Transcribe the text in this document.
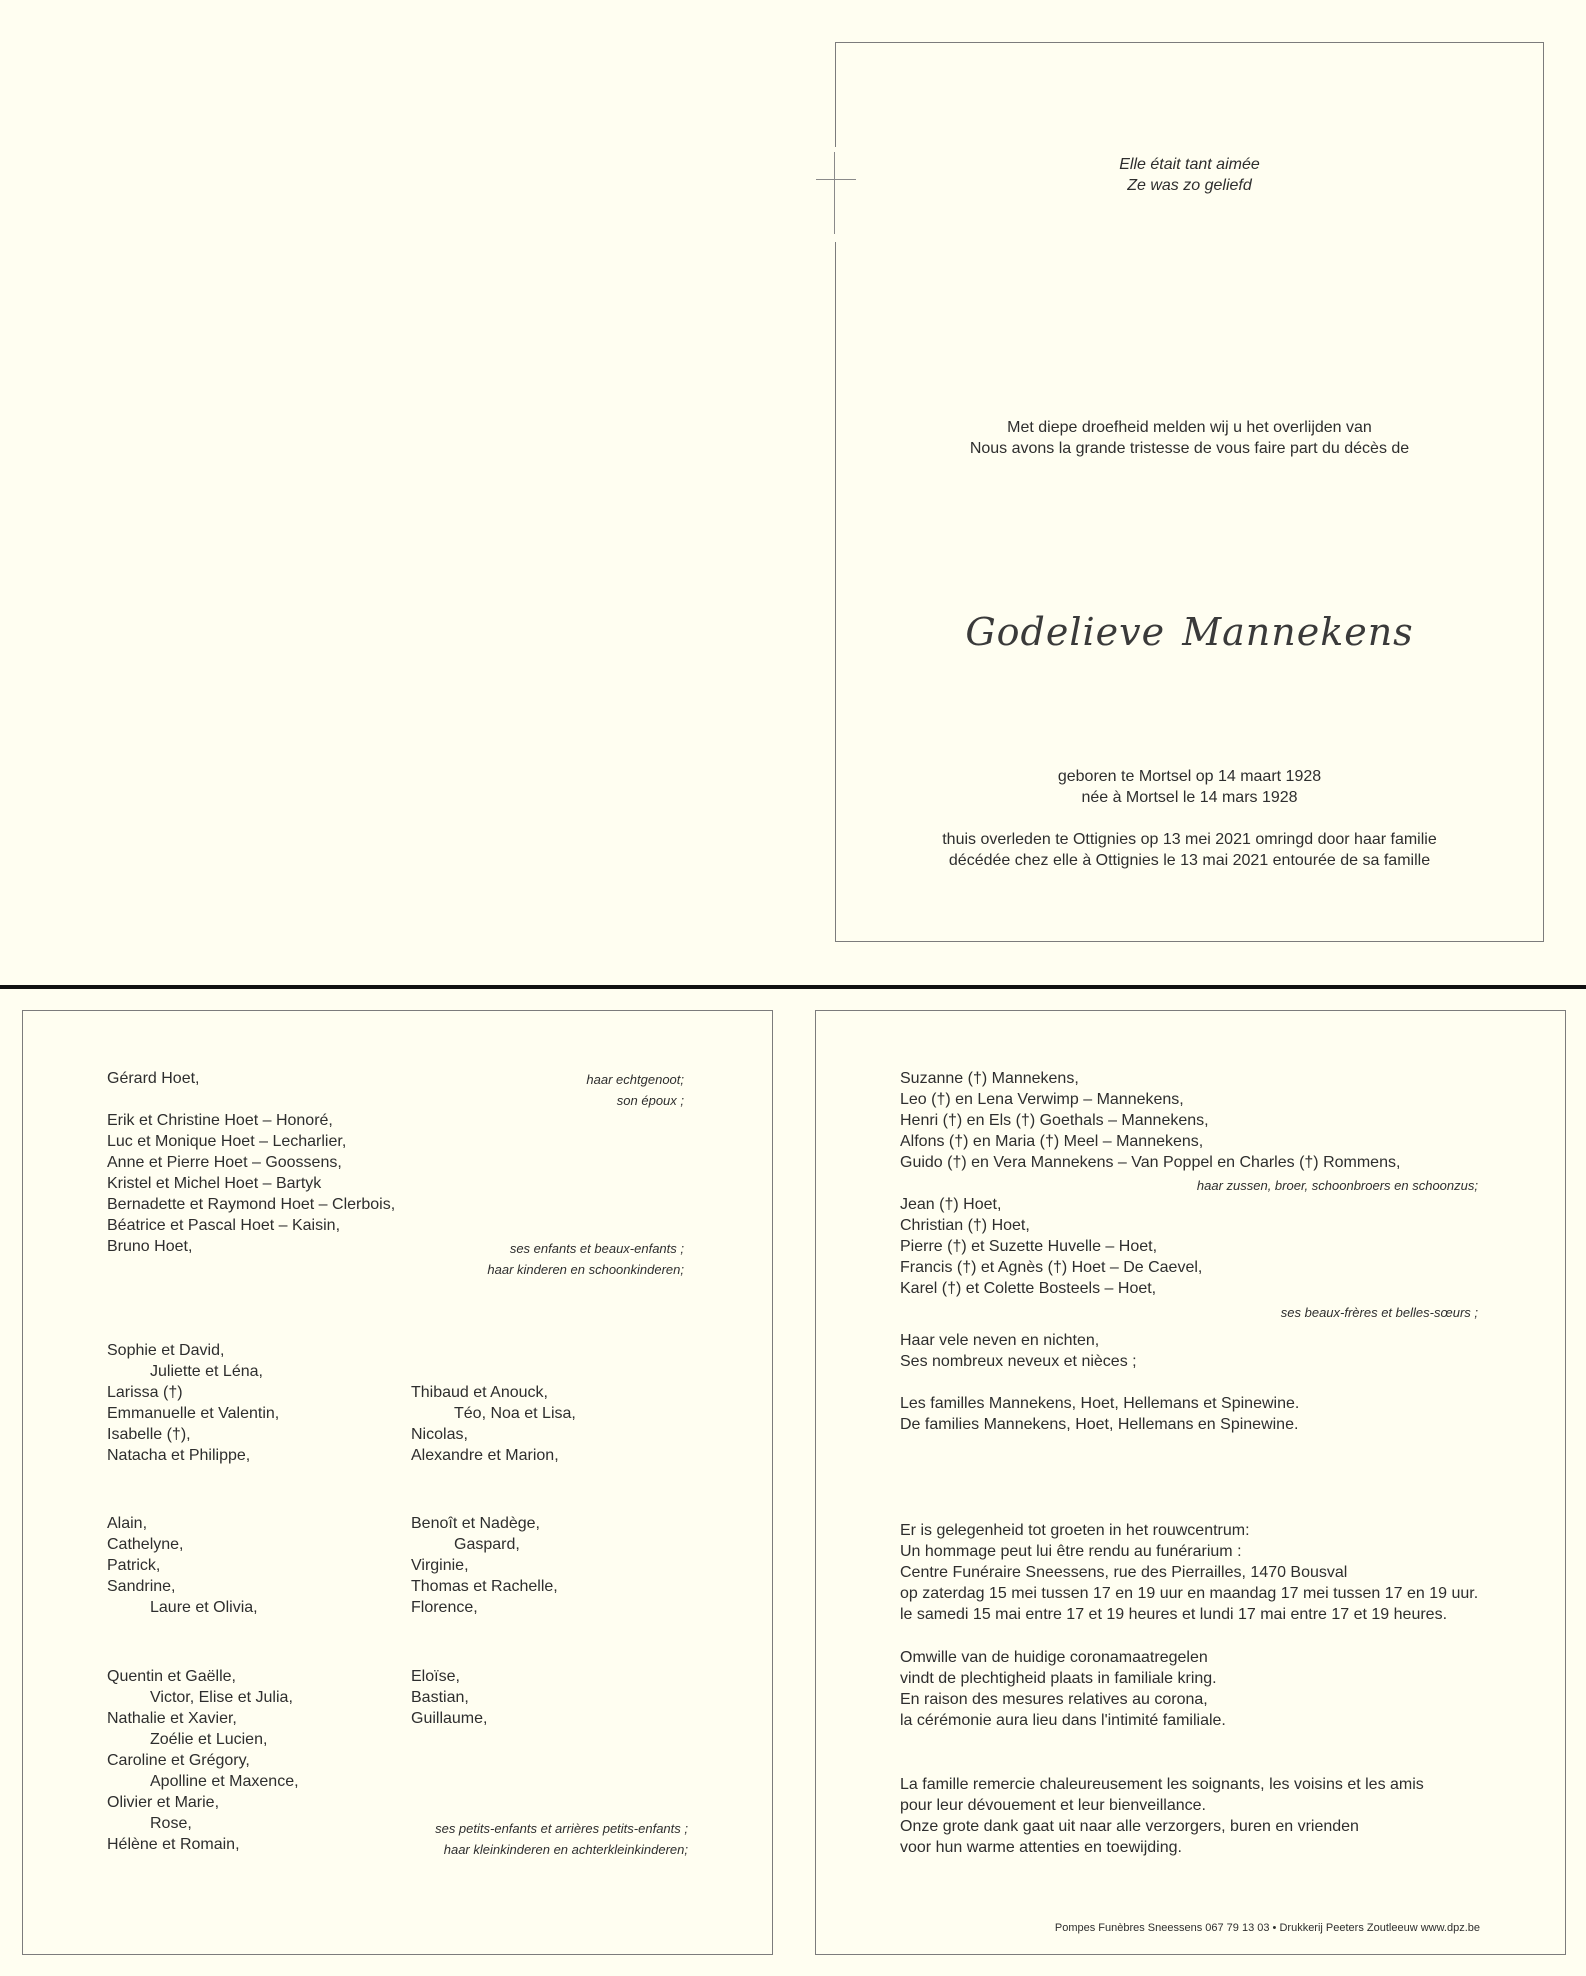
Elle était tant aimée
Ze was zo geliefd
Met diepe droefheid melden wij u het overlijden van
Nous avons la grande tristesse de vous faire part du décès de
Godelieve Mannekens
geboren te Mortsel op 14 maart 1928
née à Mortsel le 14 mars 1928
thuis overleden te Ottignies op 13 mei 2021 omringd door haar familie
décédée chez elle à Ottignies le 13 mai 2021 entourée de sa famille
Gérard Hoet,	haar echtgenoot;
son époux ;
Erik et Christine Hoet – Honoré,
Luc et Monique Hoet – Lecharlier,
Anne et Pierre Hoet – Goossens,
Kristel et Michel Hoet – Bartyk
Bernadette et Raymond Hoet – Clerbois,
Béatrice et Pascal Hoet – Kaisin,
Bruno Hoet,	ses enfants et beaux-enfants ;
haar kinderen en schoonkinderen;
Sophie et David,
Juliette et Léna,
Larissa (†)
Emmanuelle et Valentin,
Isabelle (†),
Natacha et Philippe,
Thibaud et Anouck,
Téo, Noa et Lisa,
Nicolas,
Alexandre et Marion,
Alain,
Cathelyne,
Patrick,
Sandrine,
Laure et Olivia,
Benoît et Nadège,
Gaspard,
Virginie,
Thomas et Rachelle,
Florence,
Quentin et Gaëlle,
Victor, Elise et Julia,
Nathalie et Xavier,
Zoélie et Lucien,
Caroline et Grégory,
Apolline et Maxence,
Olivier et Marie,
Rose,
Hélène et Romain,
Eloïse,
Bastian,
Guillaume,
ses petits-enfants et arrières petits-enfants ;
haar kleinkinderen en achterkleinkinderen;
Suzanne (†) Mannekens,
Leo (†) en Lena Verwimp – Mannekens,
Henri (†) en Els (†) Goethals – Mannekens,
Alfons (†) en Maria (†) Meel – Mannekens,
Guido (†) en Vera Mannekens – Van Poppel en Charles (†) Rommens,
haar zussen, broer, schoonbroers en schoonzus;
Jean (†) Hoet,
Christian (†) Hoet,
Pierre (†) et Suzette Huvelle – Hoet,
Francis (†) et Agnès (†) Hoet – De Caevel,
Karel (†) et Colette Bosteels – Hoet,
ses beaux-frères et belles-sœurs ;
Haar vele neven en nichten,
Ses nombreux neveux et nièces ;
Les familles Mannekens, Hoet, Hellemans et Spinewine.
De families Mannekens, Hoet, Hellemans en Spinewine.
Er is gelegenheid tot groeten in het rouwcentrum:
Un hommage peut lui être rendu au funérarium :
Centre Funéraire Sneessens, rue des Pierrailles, 1470 Bousval
op zaterdag 15 mei tussen 17 en 19 uur en maandag 17 mei tussen 17 en 19 uur.
le samedi 15 mai entre 17 et 19 heures et lundi 17 mai entre 17 et 19 heures.
Omwille van de huidige coronamaatregelen
vindt de plechtigheid plaats in familiale kring.
En raison des mesures relatives au corona,
la cérémonie aura lieu dans l'intimité familiale.
La famille remercie chaleureusement les soignants, les voisins et les amis
pour leur dévouement et leur bienveillance.
Onze grote dank gaat uit naar alle verzorgers, buren en vrienden
voor hun warme attenties en toewijding.
Pompes Funèbres Sneessens 067 79 13 03 • Drukkerij Peeters Zoutleeuw www.dpz.be
